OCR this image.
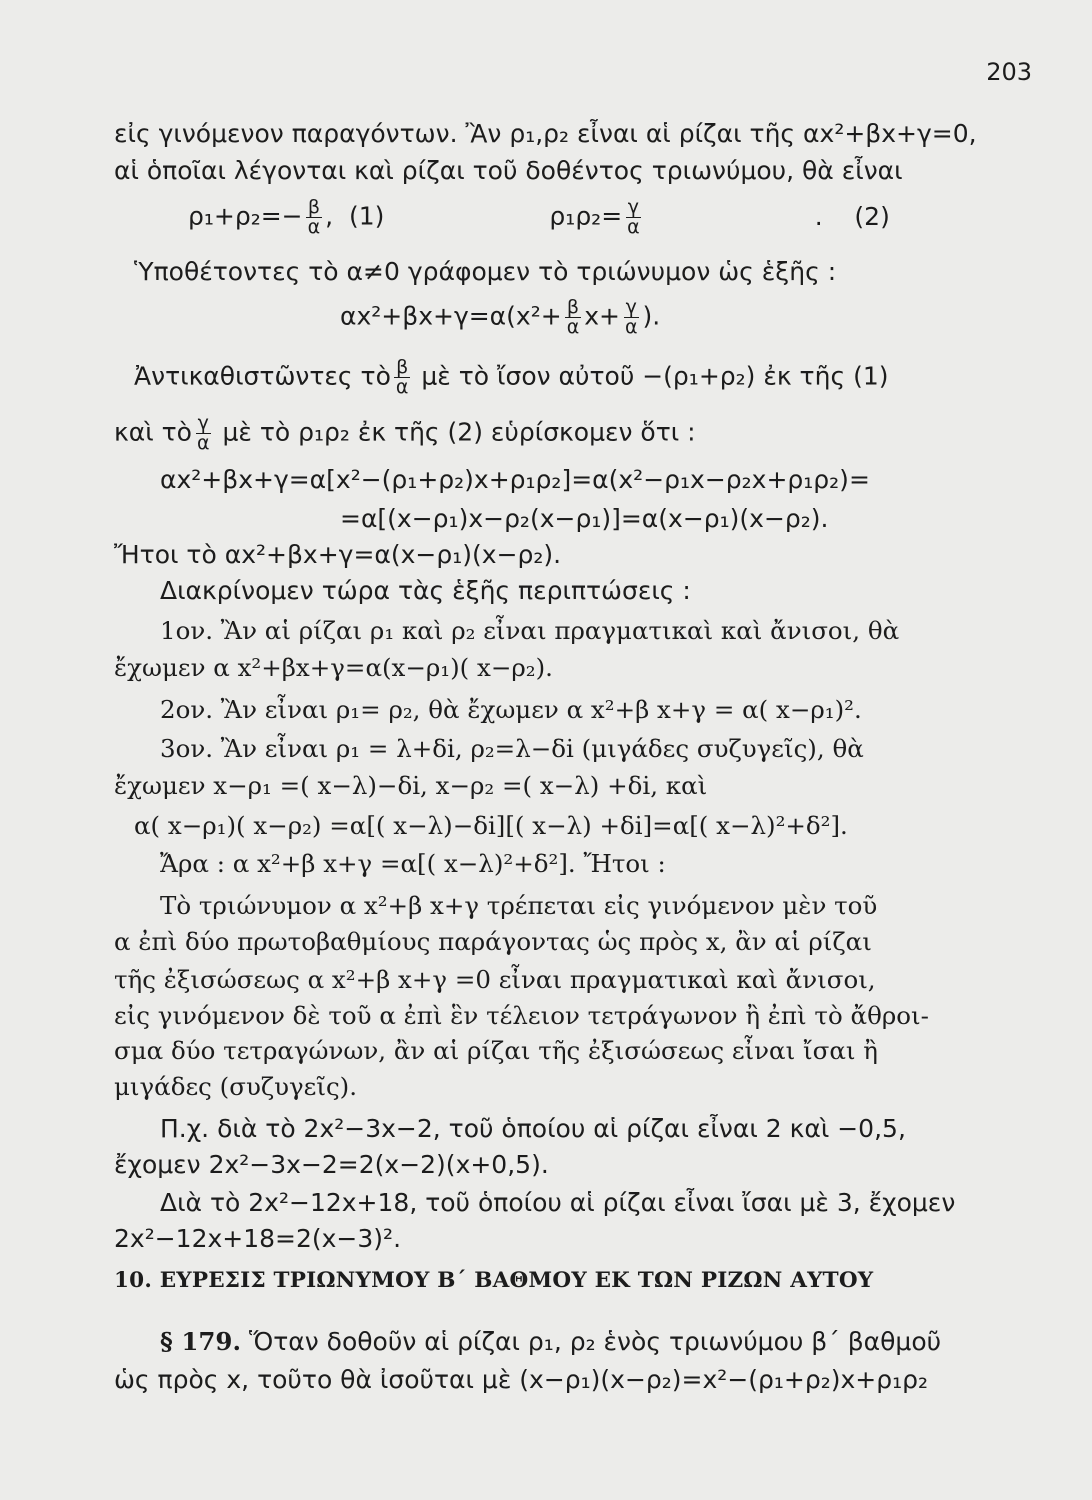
203
εἰς γινόμενον παραγόντων. Ἂν ρ₁,ρ₂ εἶναι αἱ ρίζαι τῆς αx²+βx+γ=0,
αἱ ὁποῖαι λέγονται καὶ ρίζαι τοῦ δοθέντος τριωνύμου, θὰ εἶναι
$\rho_1+\rho_2=- \frac{\beta}{\alpha}$ ,  (1)	$\rho_1\rho_2= \frac{\gamma}{\alpha}$	.    (2)
Ὑποθέτοντες τὸ α≠0 γράφομεν τὸ τριώνυμον ὡς ἑξῆς :
$\alpha x^2+\beta x+\gamma=\alpha(x^2+ \frac{\beta}{\alpha} x+ \frac{\gamma}{\alpha}$ ).
Ἀντικαθιστῶντες τὸ $\frac{\beta}{\alpha}$ μὲ τὸ ἴσον αὐτοῦ −(ρ₁+ρ₂) ἐκ τῆς (1)
καὶ τὸ $\frac{\gamma}{\alpha}$ μὲ τὸ ρ₁ρ₂ ἐκ τῆς (2) εὑρίσκομεν ὅτι :
αx²+βx+γ=α[x²−(ρ₁+ρ₂)x+ρ₁ρ₂]=α(x²−ρ₁x−ρ₂x+ρ₁ρ₂)=
=α[(x−ρ₁)x−ρ₂(x−ρ₁)]=α(x−ρ₁)(x−ρ₂).
Ἤτοι τὸ αx²+βx+γ=α(x−ρ₁)(x−ρ₂).
Διακρίνομεν τώρα τὰς ἑξῆς περιπτώσεις :
1ον. Ἂν αἱ ρίζαι ρ₁ καὶ ρ₂ εἶναι πραγματικαὶ καὶ ἄνισοι, θὰ
ἔχωμεν α x²+βx+γ=α(x−ρ₁)( x−ρ₂).
2ον. Ἂν εἶναι ρ₁= ρ₂, θὰ ἔχωμεν α x²+β x+γ = α( x−ρ₁)².
3ον. Ἂν εἶναι ρ₁ = λ+δi, ρ₂=λ−δi (μιγάδες συζυγεῖς), θὰ
ἔχωμεν x−ρ₁ =( x−λ)−δi, x−ρ₂ =( x−λ) +δi, καὶ
α( x−ρ₁)( x−ρ₂) =α[( x−λ)−δi][( x−λ) +δi]=α[( x−λ)²+δ²].
Ἄρα : α x²+β x+γ =α[( x−λ)²+δ²]. Ἤτοι :
Τὸ τριώνυμον α x²+β x+γ τρέπεται εἰς γινόμενον μὲν τοῦ
α ἐπὶ δύο πρωτοβαθμίους παράγοντας ὡς πρὸς x, ἂν αἱ ρίζαι
τῆς ἐξισώσεως α x²+β x+γ =0 εἶναι πραγματικαὶ καὶ ἄνισοι,
εἰς γινόμενον δὲ τοῦ α ἐπὶ ἓν τέλειον τετράγωνον ἢ ἐπὶ τὸ ἄθροι-
σμα δύο τετραγώνων, ἂν αἱ ρίζαι τῆς ἐξισώσεως εἶναι ἴσαι ἢ
μιγάδες (συζυγεῖς).
Π.χ. διὰ τὸ 2x²−3x−2, τοῦ ὁποίου αἱ ρίζαι εἶναι 2 καὶ −0,5,
ἔχομεν 2x²−3x−2=2(x−2)(x+0,5).
Διὰ τὸ 2x²−12x+18, τοῦ ὁποίου αἱ ρίζαι εἶναι ἴσαι μὲ 3, ἔχομεν
2x²−12x+18=2(x−3)².
10. ΕΥΡΕΣΙΣ ΤΡΙΩΝΥΜΟΥ Β΄ ΒΑΘΜΟΥ ΕΚ ΤΩΝ ΡΙΖΩΝ ΑΥΤΟΥ
§ 179. Ὅταν δοθοῦν αἱ ρίζαι ρ₁, ρ₂ ἑνὸς τριωνύμου β΄ βαθμοῦ
ὡς πρὸς x, τοῦτο θὰ ἰσοῦται μὲ (x−ρ₁)(x−ρ₂)=x²−(ρ₁+ρ₂)x+ρ₁ρ₂
